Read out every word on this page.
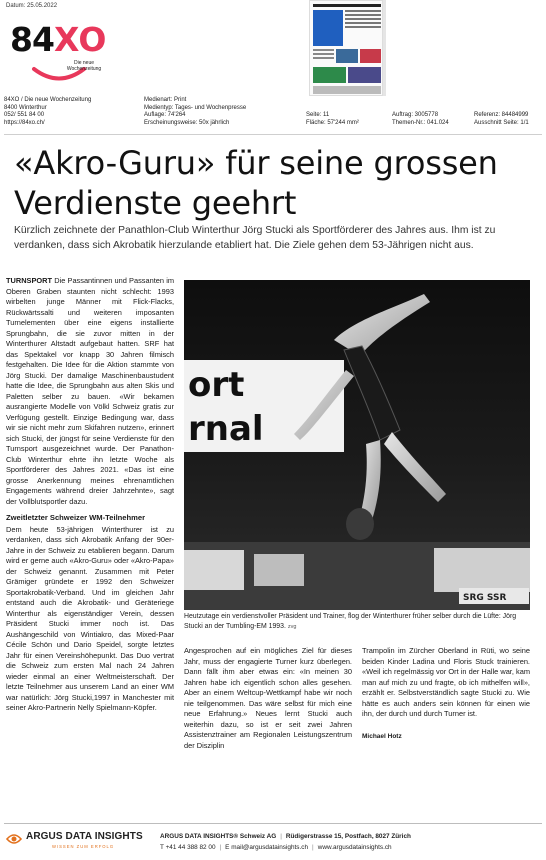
Datum: 25.05.2022
84XO
Die neue Wochenzeitung
84XO / Die neue Wochenzeitung
8400 Winterthur
052/ 551 84 00
https://84xo.ch/
Medienart: Print
Medientyp: Tages- und Wochenpresse
Auflage: 74'264
Erscheinungsweise: 50x jährlich
Seite: 11
Fläche: 57'244 mm²
Auftrag: 3005778
Themen-Nr.: 041.024
Referenz: 84484999
Ausschnitt Seite: 1/1
«Akro-Guru» für seine grossen Verdienste geehrt

Kürzlich zeichnete der Panathlon-Club Winterthur Jörg Stucki als Sportförderer des Jahres aus. Ihm ist zu verdanken, dass sich Akrobatik hierzulande etabliert hat. Die Ziele gehen dem 53-Jährigen nicht aus.

TURNSPORT Die Passantinnen und Passanten im Oberen Graben staunten nicht schlecht: 1993 wirbelten junge Männer mit Flick-Flacks, Rückwärtssalti und weiteren imposanten Turnelementen über eine eigens installierte Sprungbahn, die sie zuvor mitten in der Winterthurer Altstadt aufgebaut hatten. SRF hat das Spektakel vor knapp 30 Jahren filmisch festgehalten. Die Idee für die Aktion stammte von Jörg Stucki. Der damalige Maschinenbaustudent hatte die Idee, die Sprungbahn aus alten Skis und Paletten selber zu bauen. «Wir bekamen ausrangierte Modelle von Völkl Schweiz gratis zur Verfügung gestellt. Einzige Bedingung war, dass wir sie nicht mehr zum Skifahren nutzen», erinnert sich Stucki, der jüngst für seine Verdienste für den Turnsport ausgezeichnet wurde. Der Panathon-Club Winterthur ehrte ihn letzte Woche als Sportförderer des Jahres 2021. «Das ist eine grosse Anerkennung meines ehrenamtlichen Engagements während dreier Jahrzehnte», sagt der Vollblutsportler dazu.

Zweitletzter Schweizer WM-Teilnehmer

Dem heute 53-jährigen Winterthurer ist zu verdanken, dass sich Akrobatik Anfang der 90er-Jahre in der Schweiz zu etablieren begann. Darum wird er gerne auch «Akro-Guru» oder «Akro-Papa» der Schweiz genannt. Zusammen mit Peter Grämiger gründete er 1992 den Schweizer Sportakrobatik-Verband. Und im gleichen Jahr entstand auch die Akrobatik- und Geräteriege Winterthur als eigenständiger Verein, dessen Präsident Stucki immer noch ist. Das Aushängeschild von Wintiakro, das Mixed-Paar Cécile Schön und Dario Speidel, sorgte letztes Jahr für einen Vereinshöhepunkt. Das Duo vertrat die Schweiz zum ersten Mal nach 24 Jahren wieder einmal an einer Weltmeisterschaft. Der letzte Teilnehmer aus unserem Land an einer WM war natürlich: Jörg Stucki,1997 in Manchester mit seiner Akro-Partnerin Nelly Spielmann-Köpfer.

ort
rnal
SRG SSR
Heutzutage ein verdienstvoller Präsident und Trainer, flog der Winterthurer früher selber durch die Lüfte: Jörg Stucki an der Tumbling-EM 1993. zvg

Angesprochen auf ein mögliches Ziel für dieses Jahr, muss der engagierte Turner kurz überlegen. Dann fällt ihm aber etwas ein: «In meinen 30 Jahren habe ich eigentlich schon alles gesehen. Aber an einem Weltcup-Wettkampf habe wir noch nie teilgenommen. Das wäre selbst für mich eine neue Erfahrung.» Neues lernt Stucki auch weiterhin dazu, so ist er seit zwei Jahren Assistenztrainer am Regionalen Leistungszentrum der Disziplin

Trampolin im Zürcher Oberland in Rüti, wo seine beiden Kinder Ladina und Floris Stuck trainieren. «Weil ich regelmässig vor Ort in der Halle war, kam man auf mich zu und fragte, ob ich mithelfen will», erzählt er. Selbstverständlich sagte Stucki zu. Wie hätte es auch anders sein können für einen wie ihn, der durch und durch Turner ist.

Michael Hotz

ARGUS DATA INSIGHTS
WISSEN ZUM ERFOLG
ARGUS DATA INSIGHTS® Schweiz AG | Rüdigerstrasse 15, Postfach, 8027 Zürich
T +41 44 388 82 00 | E mail@argusdatainsights.ch | www.argusdatainsights.ch
